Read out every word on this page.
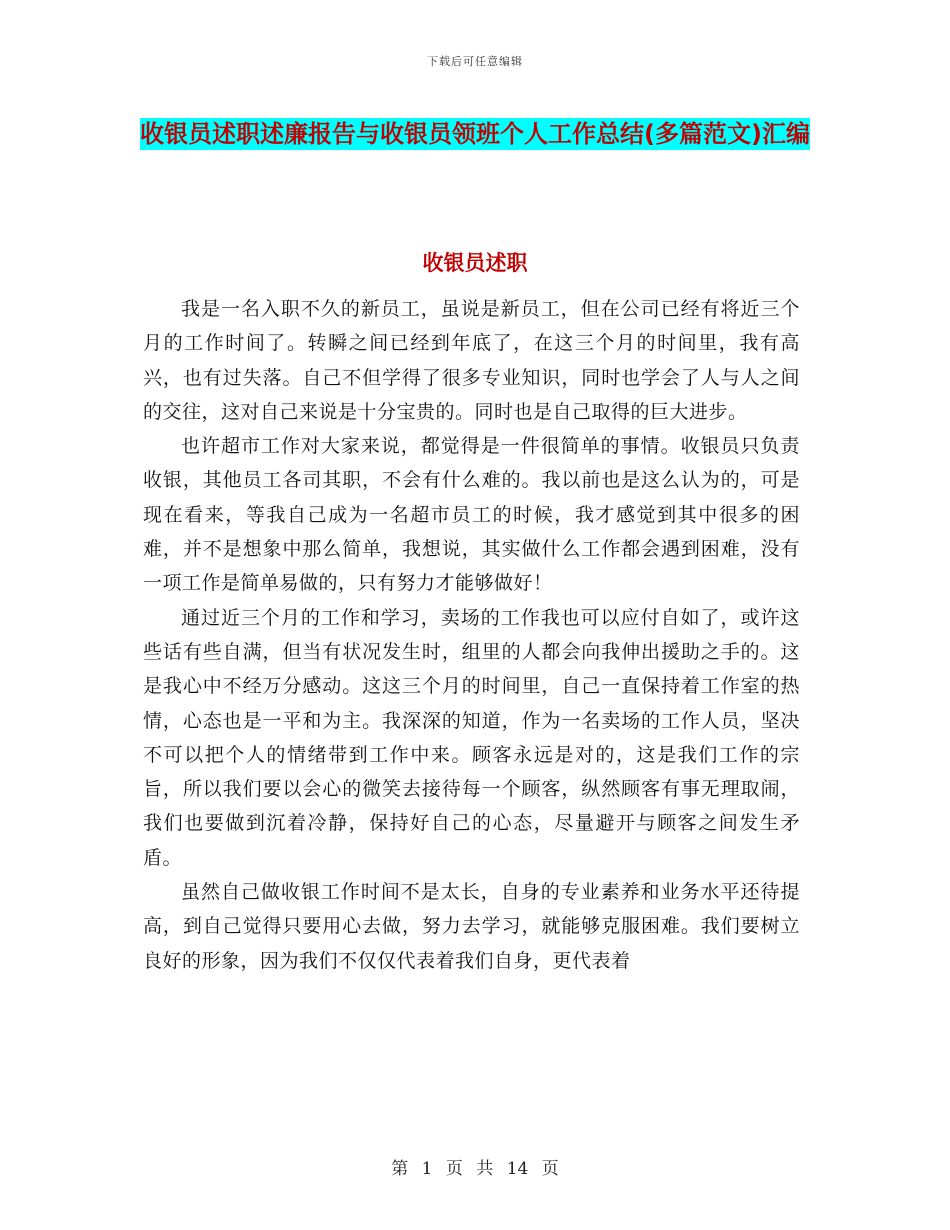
下载后可任意编辑
收银员述职述廉报告与收银员领班个人工作总结(多篇范文)汇编
收银员述职

我是一名入职不久的新员工，虽说是新员工，但在公司已经有将近三个月的工作时间了。转瞬之间已经到年底了，在这三个月的时间里，我有高兴，也有过失落。自己不但学得了很多专业知识，同时也学会了人与人之间的交往，这对自己来说是十分宝贵的。同时也是自己取得的巨大进步。

也许超市工作对大家来说，都觉得是一件很简单的事情。收银员只负责收银，其他员工各司其职，不会有什么难的。我以前也是这么认为的，可是现在看来，等我自己成为一名超市员工的时候，我才感觉到其中很多的困难，并不是想象中那么简单，我想说，其实做什么工作都会遇到困难，没有一项工作是简单易做的，只有努力才能够做好！

通过近三个月的工作和学习，卖场的工作我也可以应付自如了，或许这些话有些自满，但当有状况发生时，组里的人都会向我伸出援助之手的。这是我心中不经万分感动。这这三个月的时间里，自己一直保持着工作室的热情，心态也是一平和为主。我深深的知道，作为一名卖场的工作人员，坚决不可以把个人的情绪带到工作中来。顾客永远是对的，这是我们工作的宗旨，所以我们要以会心的微笑去接待每一个顾客，纵然顾客有事无理取闹，我们也要做到沉着冷静，保持好自己的心态，尽量避开与顾客之间发生矛盾。

虽然自己做收银工作时间不是太长，自身的专业素养和业务水平还待提高，到自己觉得只要用心去做，努力去学习，就能够克服困难。我们要树立良好的形象，因为我们不仅仅代表着我们自身，更代表着

第 1 页 共 14 页
